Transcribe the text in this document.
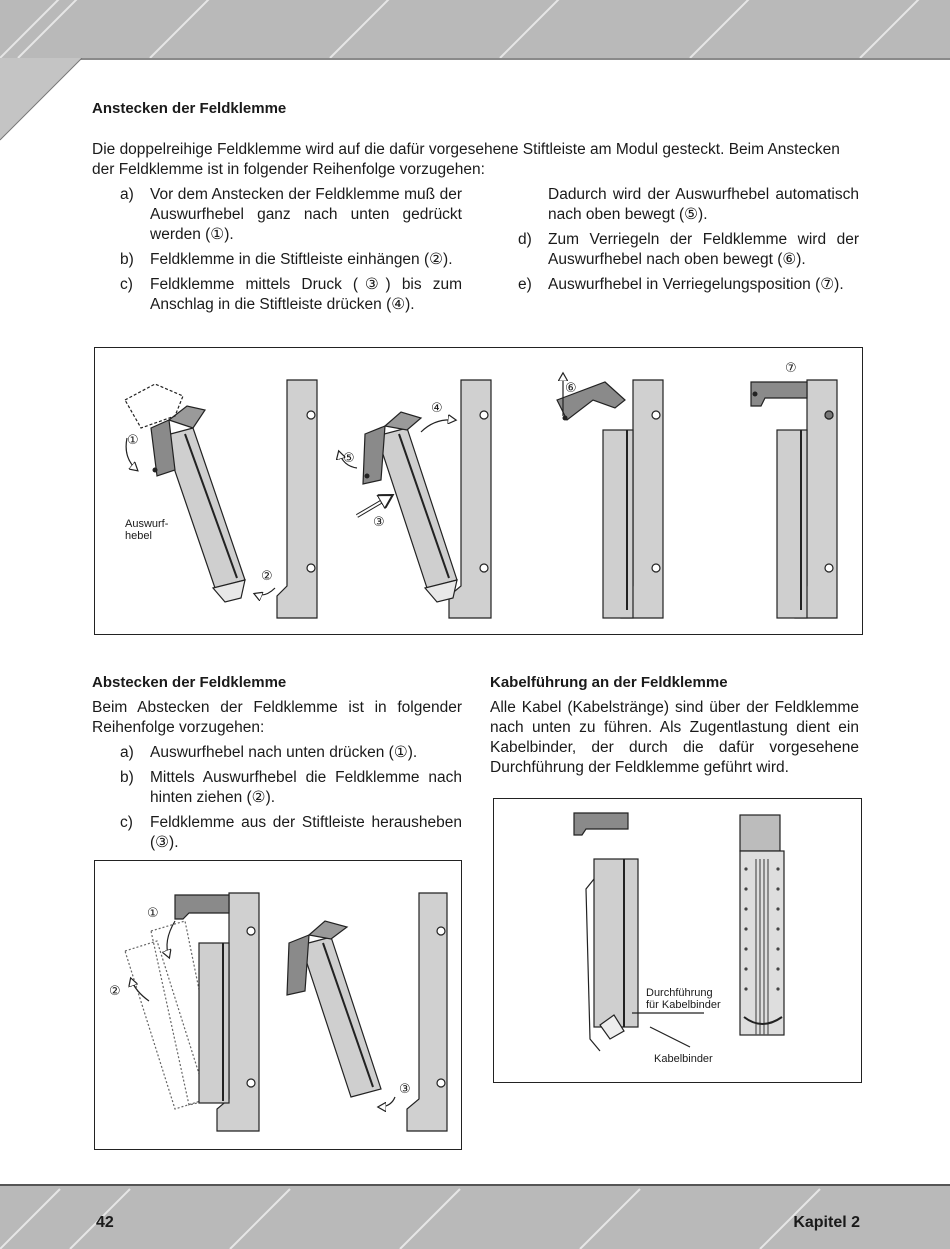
Anstecken der Feldklemme

Die doppelreihige Feldklemme wird auf die dafür vorgesehene Stiftleiste am Modul gesteckt. Beim Anstecken

der Feldklemme ist in folgender Reihenfolge vorzugehen:

a) Vor dem Anstecken der Feldklemme muß der Auswurfhebel ganz nach unten gedrückt werden (①).
b) Feldklemme in die Stiftleiste einhängen (②).
c) Feldklemme mittels Druck (③) bis zum Anschlag in die Stiftleiste drücken (④).

Dadurch wird der Auswurfhebel automatisch nach oben bewegt (⑤).

d) Zum Verriegeln der Feldklemme wird der Auswurfhebel nach oben bewegt (⑥).
e) Auswurfhebel in Verriegelungsposition (⑦).
Auswurf-
hebel
①
②
③
④
⑤
⑥
⑦
Abstecken der Feldklemme

Beim Abstecken der Feldklemme ist in folgender Reihenfolge vorzugehen:

a) Auswurfhebel nach unten drücken (①).
b) Mittels Auswurfhebel die Feldklemme nach hinten ziehen (②).
c) Feldklemme aus der Stiftleiste herausheben (③).
①
②
③
Kabelführung an der Feldklemme

Alle Kabel (Kabelstränge) sind über der Feldklemme nach unten zu führen. Als Zugentlastung dient ein Kabelbinder, der durch die dafür vorgesehene Durchführung der Feldklemme geführt wird.

Durchführung
für Kabelbinder
Kabelbinder
42	Kapitel 2
